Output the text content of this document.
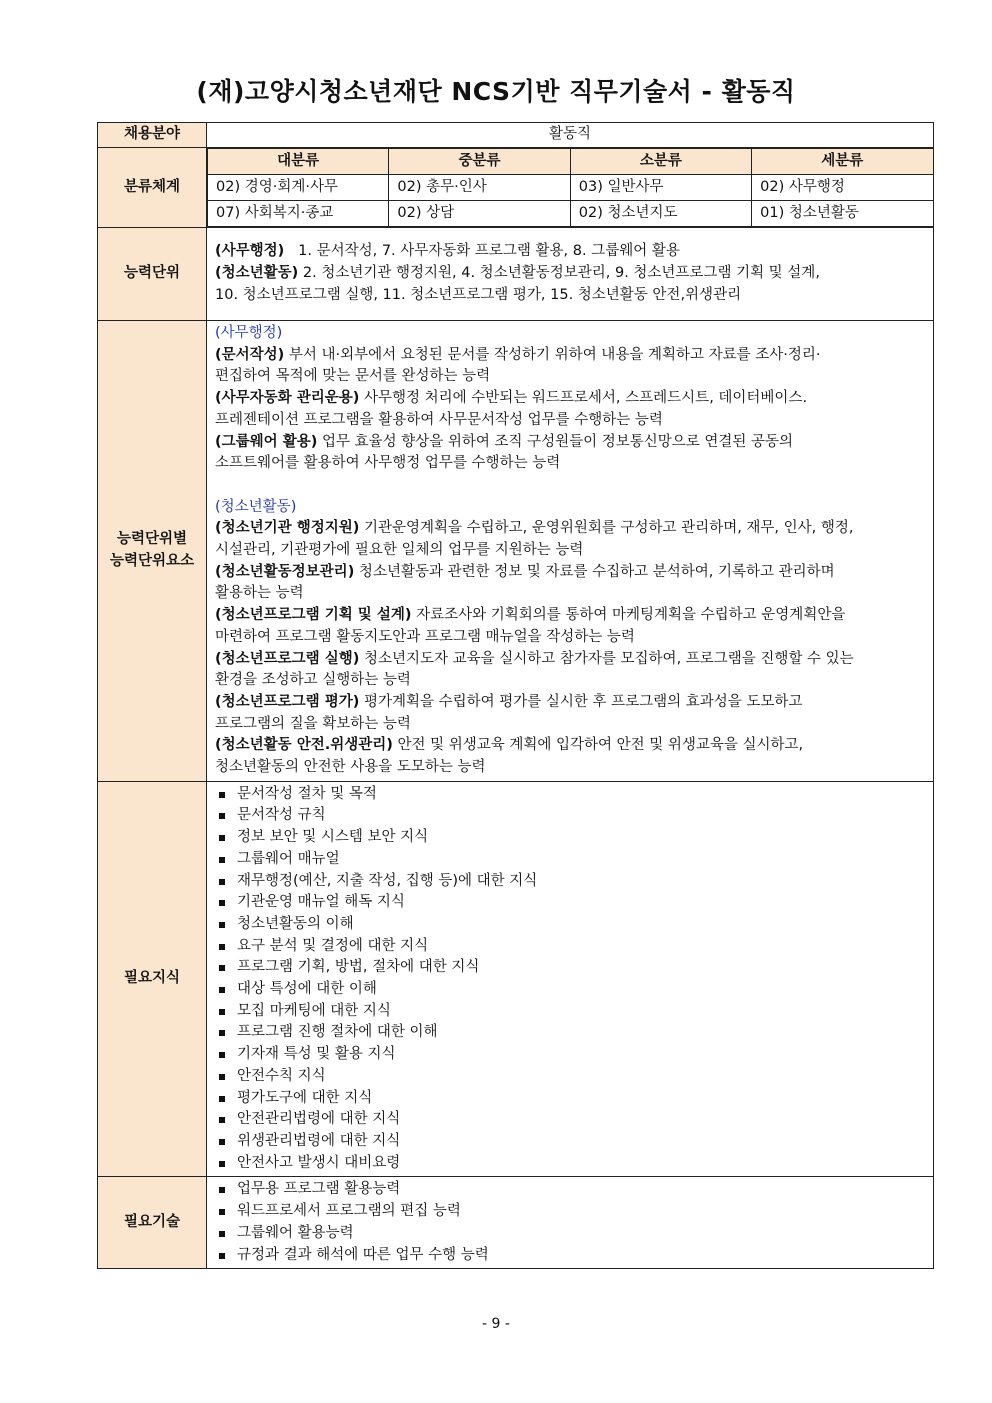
(재)고양시청소년재단 NCS기반 직무기술서 - 활동직
채용분야	활동직
분류체계	
대분류	중분류	소분류	세분류
02) 경영·회계·사무	02) 총무·인사	03) 일반사무	02) 사무행정
07) 사회복지·종교	02) 상담	02) 청소년지도	01) 청소년활동

능력단위	
(사무행정)   1. 문서작성, 7. 사무자동화 프로그램 활용, 8. 그룹웨어 활용
(청소년활동) 2. 청소년기관 행정지원, 4. 청소년활동정보관리, 9. 청소년프로그램 기획 및 설계,
10. 청소년프로그램 실행, 11. 청소년프로그램 평가, 15. 청소년활동 안전,위생관리

능력단위별
능력단위요소

(사무행정)
(문서작성) 부서 내·외부에서 요청된 문서를 작성하기 위하여 내용을 계획하고 자료를 조사·정리·
편집하여 목적에 맞는 문서를 완성하는 능력
(사무자동화 관리운용) 사무행정 처리에 수반되는 워드프로세서, 스프레드시트, 데이터베이스.
프레젠테이션 프로그램을 활용하여 사무문서작성 업무를 수행하는 능력
(그룹웨어 활용) 업무 효율성 향상을 위하여 조직 구성원들이 정보통신망으로 연결된 공동의
소프트웨어를 활용하여 사무행정 업무를 수행하는 능력
(청소년활동)
(청소년기관 행정지원) 기관운영계획을 수립하고, 운영위원회를 구성하고 관리하며, 재무, 인사, 행정,
시설관리, 기관평가에 필요한 일체의 업무를 지원하는 능력
(청소년활동정보관리) 청소년활동과 관련한 정보 및 자료를 수집하고 분석하여, 기록하고 관리하며
활용하는 능력
(청소년프로그램 기획 및 설계) 자료조사와 기획회의를 통하여 마케팅계획을 수립하고 운영계획안을
마련하여 프로그램 활동지도안과 프로그램 매뉴얼을 작성하는 능력
(청소년프로그램 실행) 청소년지도자 교육을 실시하고 참가자를 모집하여, 프로그램을 진행할 수 있는
환경을 조성하고 실행하는 능력
(청소년프로그램 평가) 평가계획을 수립하여 평가를 실시한 후 프로그램의 효과성을 도모하고
프로그램의 질을 확보하는 능력
(청소년활동 안전.위생관리) 안전 및 위생교육 계획에 입각하여 안전 및 위생교육을 실시하고,
청소년활동의 안전한 사용을 도모하는 능력

필요지식	
문서작성 절차 및 목적
문서작성 규칙
정보 보안 및 시스템 보안 지식
그룹웨어 매뉴얼
재무행정(예산, 지출 작성, 집행 등)에 대한 지식
기관운영 매뉴얼 해독 지식
청소년활동의 이해
요구 분석 및 결정에 대한 지식
프로그램 기획, 방법, 절차에 대한 지식
대상 특성에 대한 이해
모집 마케팅에 대한 지식
프로그램 진행 절차에 대한 이해
기자재 특성 및 활용 지식
안전수칙 지식
평가도구에 대한 지식
안전관리법령에 대한 지식
위생관리법령에 대한 지식
안전사고 발생시 대비요령

필요기술	
업무용 프로그램 활용능력
워드프로세서 프로그램의 편집 능력
그룹웨어 활용능력
규정과 결과 해석에 따른 업무 수행 능력
- 9 -
